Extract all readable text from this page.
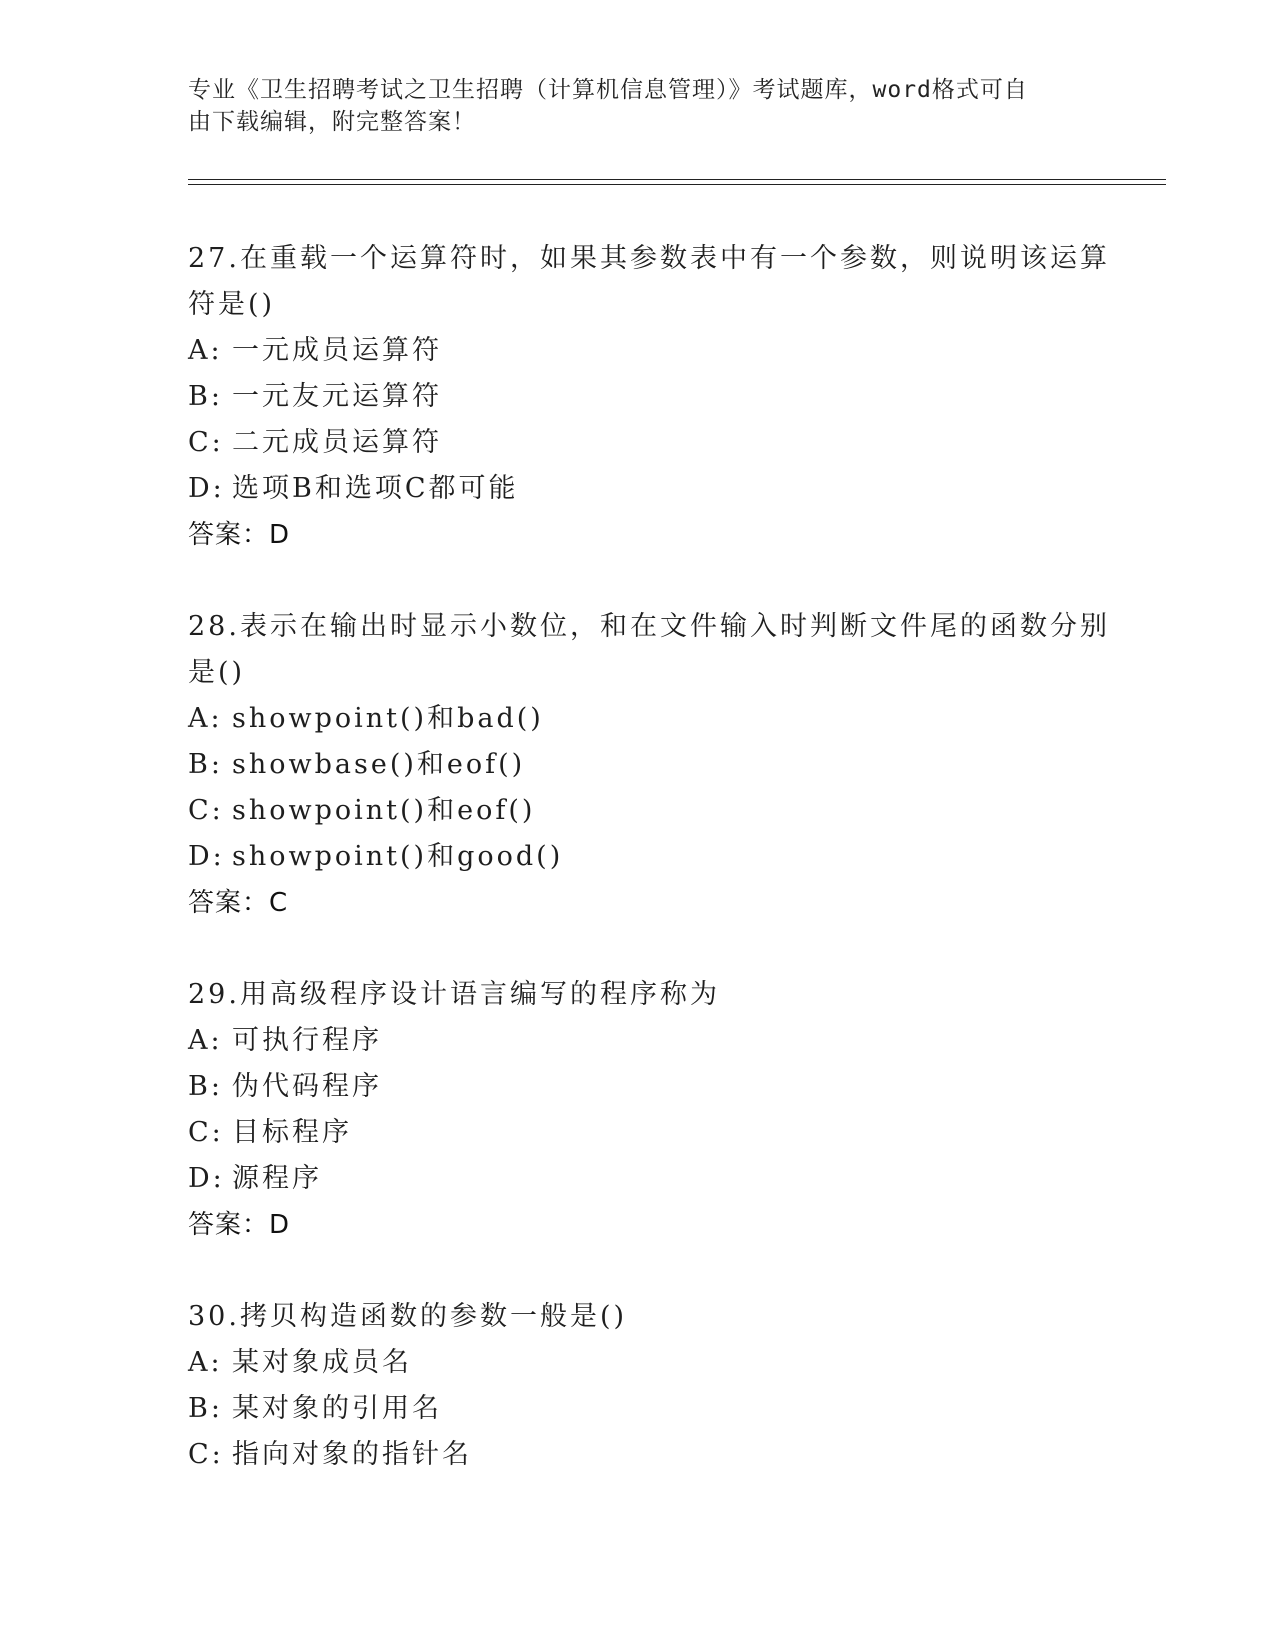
专业《卫生招聘考试之卫生招聘（计算机信息管理）》考试题库，word格式可自
由下载编辑，附完整答案！
27.在重载一个运算符时，如果其参数表中有一个参数，则说明该运算
符是()
A: 一元成员运算符
B: 一元友元运算符
C: 二元成员运算符
D: 选项B和选项C都可能
答案：D
28.表示在输出时显示小数位，和在文件输入时判断文件尾的函数分别
是()
A: showpoint()和bad()
B: showbase()和eof()
C: showpoint()和eof()
D: showpoint()和good()
答案：C
29.用高级程序设计语言编写的程序称为
A: 可执行程序
B: 伪代码程序
C: 目标程序
D: 源程序
答案：D
30.拷贝构造函数的参数一般是()
A: 某对象成员名
B: 某对象的引用名
C: 指向对象的指针名
